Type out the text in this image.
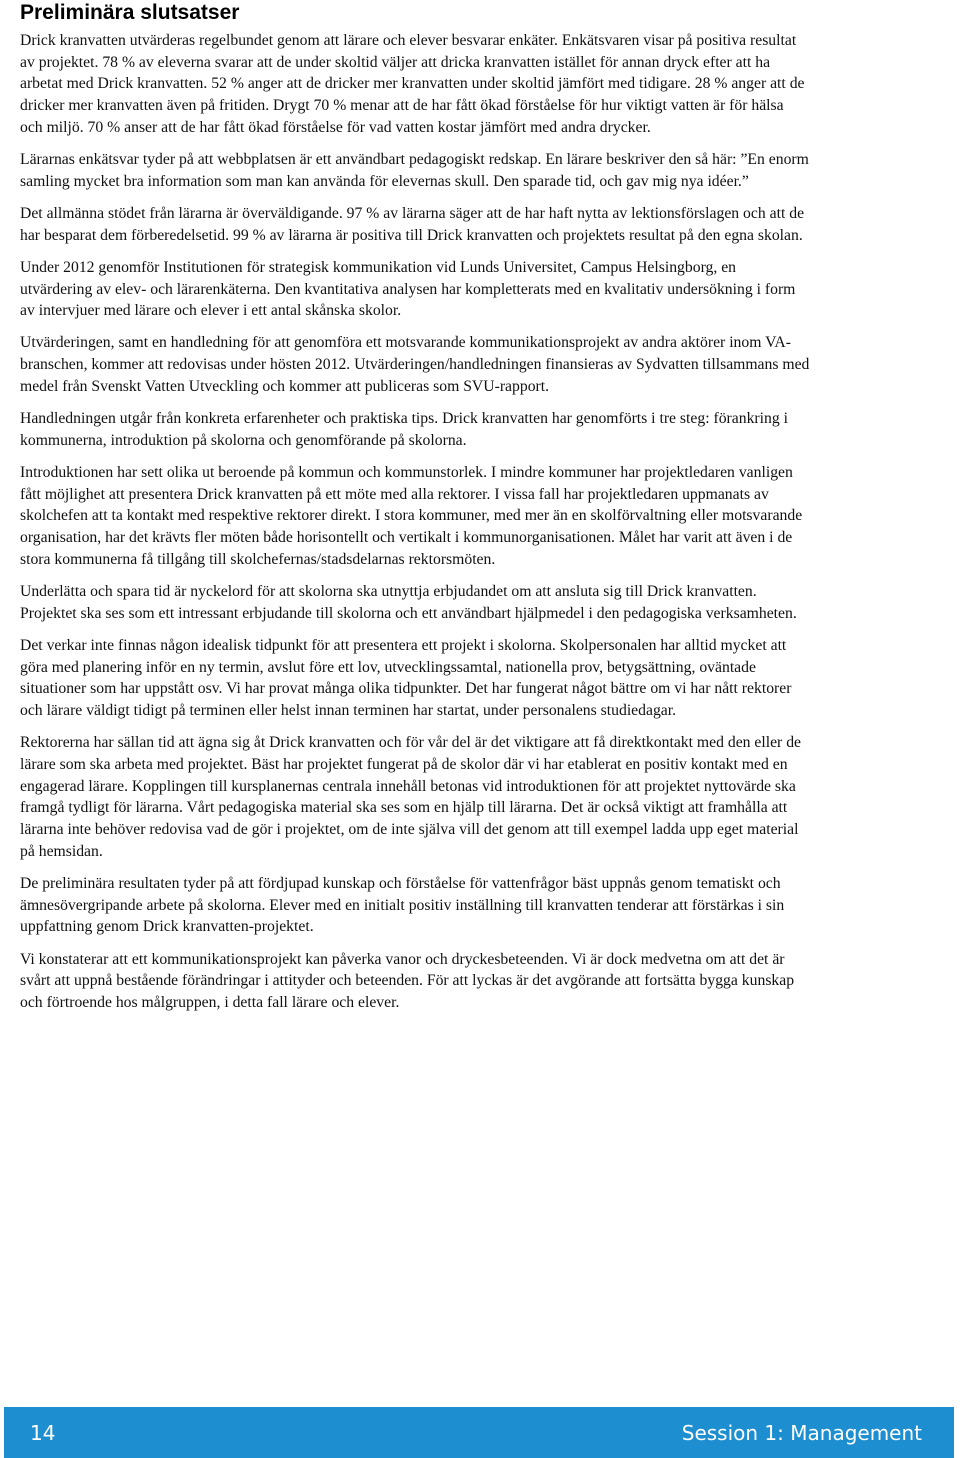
Preliminära slutsatser

Drick kranvatten utvärderas regelbundet genom att lärare och elever besvarar enkäter. Enkätsvaren visar på positiva resultat av projektet. 78 % av eleverna svarar att de under skoltid väljer att dricka kranvatten istället för annan dryck efter att ha arbetat med Drick kranvatten. 52 % anger att de dricker mer kranvatten under skoltid jämfört med tidigare. 28 % anger att de dricker mer kranvatten även på fritiden. Drygt 70 % menar att de har fått ökad förståelse för hur viktigt vatten är för hälsa och miljö. 70 % anser att de har fått ökad förståelse för vad vatten kostar jämfört med andra drycker.

Lärarnas enkätsvar tyder på att webbplatsen är ett användbart pedagogiskt redskap. En lärare beskriver den så här: ”En enorm samling mycket bra information som man kan använda för elevernas skull. Den sparade tid, och gav mig nya idéer.”

Det allmänna stödet från lärarna är överväldigande. 97 % av lärarna säger att de har haft nytta av lektionsförslagen och att de har besparat dem förberedelsetid. 99 % av lärarna är positiva till Drick kranvatten och projektets resultat på den egna skolan.

Under 2012 genomför Institutionen för strategisk kommunikation vid Lunds Universitet, Campus Helsingborg, en utvärdering av elev- och lärarenkäterna. Den kvantitativa analysen har kompletterats med en kvalitativ undersökning i form av intervjuer med lärare och elever i ett antal skånska skolor.

Utvärderingen, samt en handledning för att genomföra ett motsvarande kommunikationsprojekt av andra aktörer inom VA-branschen, kommer att redovisas under hösten 2012. Utvärderingen/handledningen finansieras av Sydvatten tillsammans med medel från Svenskt Vatten Utveckling och kommer att publiceras som SVU-rapport.

Handledningen utgår från konkreta erfarenheter och praktiska tips. Drick kranvatten har genomförts i tre steg: förankring i kommunerna, introduktion på skolorna och genomförande på skolorna.

Introduktionen har sett olika ut beroende på kommun och kommunstorlek. I mindre kommuner har projektledaren vanligen fått möjlighet att presentera Drick kranvatten på ett möte med alla rektorer. I vissa fall har projektledaren uppmanats av skolchefen att ta kontakt med respektive rektorer direkt. I stora kommuner, med mer än en skolförvaltning eller motsvarande organisation, har det krävts fler möten både horisontellt och vertikalt i kommunorganisationen. Målet har varit att även i de stora kommunerna få tillgång till skolchefernas/stadsdelarnas rektorsmöten.

Underlätta och spara tid är nyckelord för att skolorna ska utnyttja erbjudandet om att ansluta sig till Drick kranvatten. Projektet ska ses som ett intressant erbjudande till skolorna och ett användbart hjälpmedel i den pedagogiska verksamheten.

Det verkar inte finnas någon idealisk tidpunkt för att presentera ett projekt i skolorna. Skolpersonalen har alltid mycket att göra med planering inför en ny termin, avslut före ett lov, utvecklingssamtal, nationella prov, betygsättning, oväntade situationer som har uppstått osv. Vi har provat många olika tidpunkter. Det har fungerat något bättre om vi har nått rektorer och lärare väldigt tidigt på terminen eller helst innan terminen har startat, under personalens studiedagar.

Rektorerna har sällan tid att ägna sig åt Drick kranvatten och för vår del är det viktigare att få direktkontakt med den eller de lärare som ska arbeta med projektet. Bäst har projektet fungerat på de skolor där vi har etablerat en positiv kontakt med en engagerad lärare. Kopplingen till kursplanernas centrala innehåll betonas vid introduktionen för att projektet nyttovärde ska framgå tydligt för lärarna. Vårt pedagogiska material ska ses som en hjälp till lärarna. Det är också viktigt att framhålla att lärarna inte behöver redovisa vad de gör i projektet, om de inte själva vill det genom att till exempel ladda upp eget material på hemsidan.

De preliminära resultaten tyder på att fördjupad kunskap och förståelse för vattenfrågor bäst uppnås genom tematiskt och ämnesövergripande arbete på skolorna. Elever med en initialt positiv inställning till kranvatten tenderar att förstärkas i sin uppfattning genom Drick kranvatten-projektet.

Vi konstaterar att ett kommunikationsprojekt kan påverka vanor och dryckesbeteenden. Vi är dock medvetna om att det är svårt att uppnå bestående förändringar i attityder och beteenden. För att lyckas är det avgörande att fortsätta bygga kunskap och förtroende hos målgruppen, i detta fall lärare och elever.

14	Session 1: Management
